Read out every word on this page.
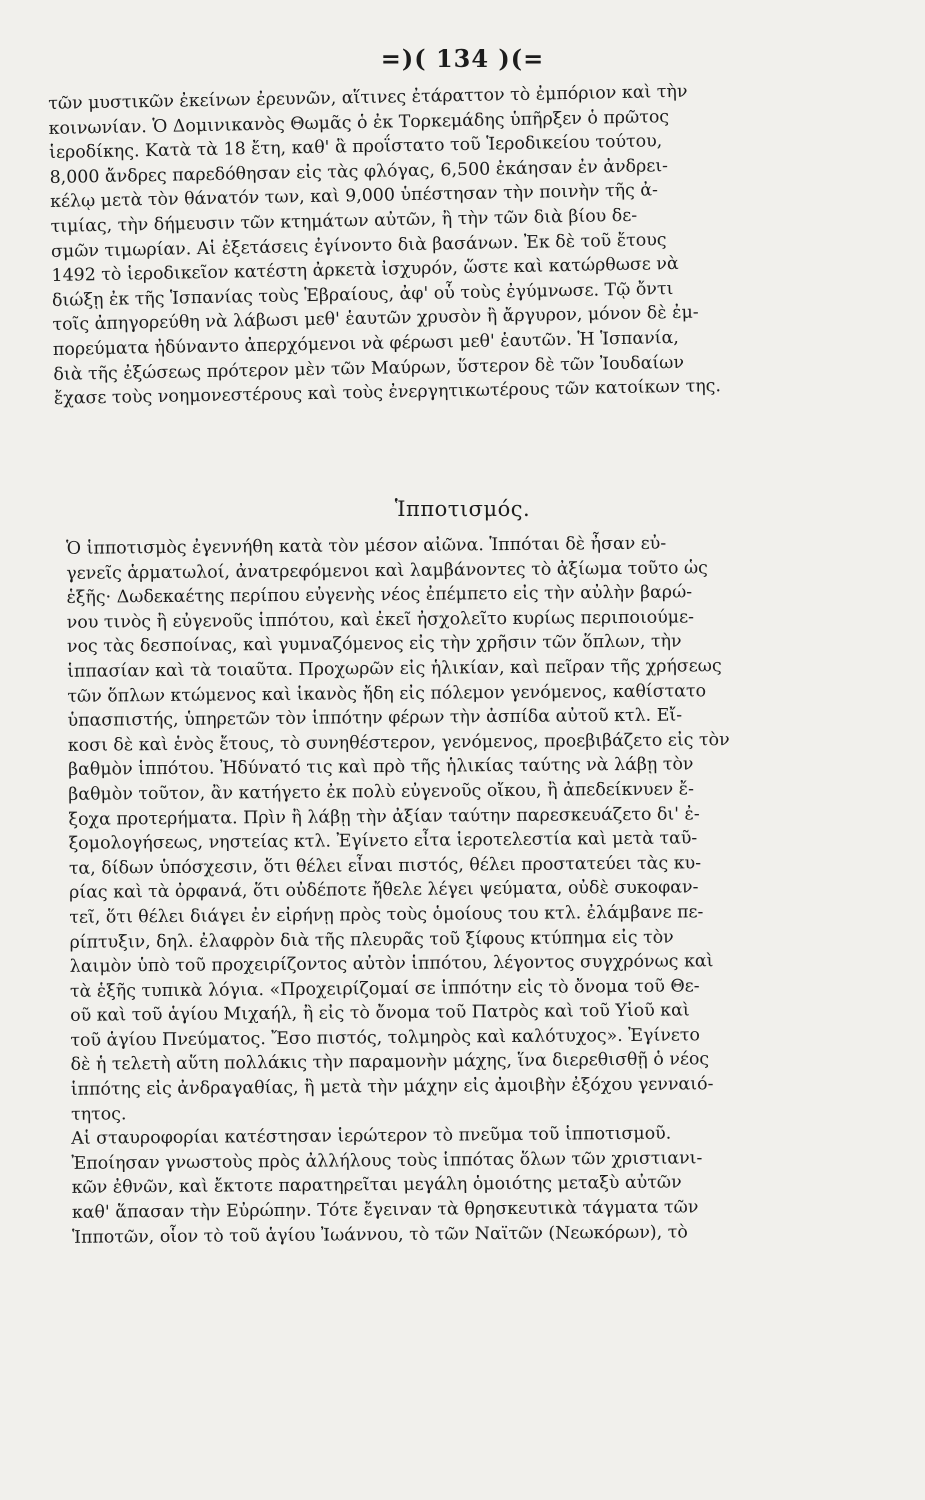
=)( 134 )(=

τῶν μυστικῶν ἐκείνων ἐρευνῶν, αἵτινες ἐτάραττον τὸ ἐμπόριον καὶ τὴν
κοινωνίαν. Ὁ Δομινικανὸς Θωμᾶς ὁ ἐκ Τορκεμάδης ὑπῆρξεν ὁ πρῶτος
ἱεροδίκης. Κατὰ τὰ 18 ἔτη, καθ' ἃ προΐστατο τοῦ Ἱεροδικείου τούτου,
8,000 ἄνδρες παρεδόθησαν εἰς τὰς φλόγας, 6,500 ἐκάησαν ἐν ἀνδρει-
κέλῳ μετὰ τὸν θάνατόν των, καὶ 9,000 ὑπέστησαν τὴν ποινὴν τῆς ἀ-
τιμίας, τὴν δήμευσιν τῶν κτημάτων αὐτῶν, ἢ τὴν τῶν διὰ βίου δε-
σμῶν τιμωρίαν. Αἱ ἐξετάσεις ἐγίνοντο διὰ βασάνων. Ἐκ δὲ τοῦ ἔτους
1492 τὸ ἱεροδικεῖον κατέστη ἀρκετὰ ἰσχυρόν, ὥστε καὶ κατώρθωσε νὰ
διώξῃ ἐκ τῆς Ἱσπανίας τοὺς Ἑβραίους, ἀφ' οὗ τοὺς ἐγύμνωσε. Τῷ ὄντι
τοῖς ἀπηγορεύθη νὰ λάβωσι μεθ' ἑαυτῶν χρυσὸν ἢ ἄργυρον, μόνον δὲ ἐμ-
πορεύματα ἠδύναντο ἀπερχόμενοι νὰ φέρωσι μεθ' ἑαυτῶν. Ἡ Ἱσπανία,
διὰ τῆς ἐξώσεως πρότερον μὲν τῶν Μαύρων, ὕστερον δὲ τῶν Ἰουδαίων
ἔχασε τοὺς νοημονεστέρους καὶ τοὺς ἐνεργητικωτέρους τῶν κατοίκων της.

Ἱπποτισμός.

Ὁ ἱπποτισμὸς ἐγεννήθη κατὰ τὸν μέσον αἰῶνα. Ἱππόται δὲ ἦσαν εὐ-
γενεῖς ἁρματωλοί, ἀνατρεφόμενοι καὶ λαμβάνοντες τὸ ἀξίωμα τοῦτο ὡς
ἑξῆς· Δωδεκαέτης περίπου εὐγενὴς νέος ἐπέμπετο εἰς τὴν αὐλὴν βαρώ-
νου τινὸς ἢ εὐγενοῦς ἱππότου, καὶ ἐκεῖ ἠσχολεῖτο κυρίως περιποιούμε-
νος τὰς δεσποίνας, καὶ γυμναζόμενος εἰς τὴν χρῆσιν τῶν ὅπλων, τὴν
ἱππασίαν καὶ τὰ τοιαῦτα. Προχωρῶν εἰς ἡλικίαν, καὶ πεῖραν τῆς χρήσεως
τῶν ὅπλων κτώμενος καὶ ἱκανὸς ἤδη εἰς πόλεμον γενόμενος, καθίστατο
ὑπασπιστής, ὑπηρετῶν τὸν ἱππότην φέρων τὴν ἀσπίδα αὐτοῦ κτλ. Εἴ-
κοσι δὲ καὶ ἑνὸς ἔτους, τὸ συνηθέστερον, γενόμενος, προεβιβάζετο εἰς τὸν
βαθμὸν ἱππότου. Ἠδύνατό τις καὶ πρὸ τῆς ἡλικίας ταύτης νὰ λάβῃ τὸν
βαθμὸν τοῦτον, ἂν κατήγετο ἐκ πολὺ εὐγενοῦς οἴκου, ἢ ἀπεδείκνυεν ἔ-
ξοχα προτερήματα. Πρὶν ἢ λάβῃ τὴν ἀξίαν ταύτην παρεσκευάζετο δι' ἐ-
ξομολογήσεως, νηστείας κτλ. Ἐγίνετο εἶτα ἱεροτελεστία καὶ μετὰ ταῦ-
τα, δίδων ὑπόσχεσιν, ὅτι θέλει εἶναι πιστός, θέλει προστατεύει τὰς κυ-
ρίας καὶ τὰ ὀρφανά, ὅτι οὐδέποτε ἤθελε λέγει ψεύματα, οὐδὲ συκοφαν-
τεῖ, ὅτι θέλει διάγει ἐν εἰρήνῃ πρὸς τοὺς ὁμοίους του κτλ. ἐλάμβανε πε-
ρίπτυξιν, δηλ. ἐλαφρὸν διὰ τῆς πλευρᾶς τοῦ ξίφους κτύπημα εἰς τὸν
λαιμὸν ὑπὸ τοῦ προχειρίζοντος αὐτὸν ἱππότου, λέγοντος συγχρόνως καὶ
τὰ ἑξῆς τυπικὰ λόγια. «Προχειρίζομαί σε ἱππότην εἰς τὸ ὄνομα τοῦ Θε-
οῦ καὶ τοῦ ἁγίου Μιχαήλ, ἢ εἰς τὸ ὄνομα τοῦ Πατρὸς καὶ τοῦ Υἱοῦ καὶ
τοῦ ἁγίου Πνεύματος. Ἔσο πιστός, τολμηρὸς καὶ καλότυχος». Ἐγίνετο
δὲ ἡ τελετὴ αὕτη πολλάκις τὴν παραμονὴν μάχης, ἵνα διερεθισθῇ ὁ νέος
ἱππότης εἰς ἀνδραγαθίας, ἢ μετὰ τὴν μάχην εἰς ἀμοιβὴν ἐξόχου γενναιό-
τητος.

Αἱ σταυροφορίαι κατέστησαν ἱερώτερον τὸ πνεῦμα τοῦ ἱπποτισμοῦ.
Ἐποίησαν γνωστοὺς πρὸς ἀλλήλους τοὺς ἱππότας ὅλων τῶν χριστιανι-
κῶν ἐθνῶν, καὶ ἔκτοτε παρατηρεῖται μεγάλη ὁμοιότης μεταξὺ αὐτῶν
καθ' ἅπασαν τὴν Εὐρώπην. Τότε ἔγειναν τὰ θρησκευτικὰ τάγματα τῶν
Ἱπποτῶν, οἷον τὸ τοῦ ἁγίου Ἰωάννου, τὸ τῶν Ναϊτῶν (Νεωκόρων), τὸ
